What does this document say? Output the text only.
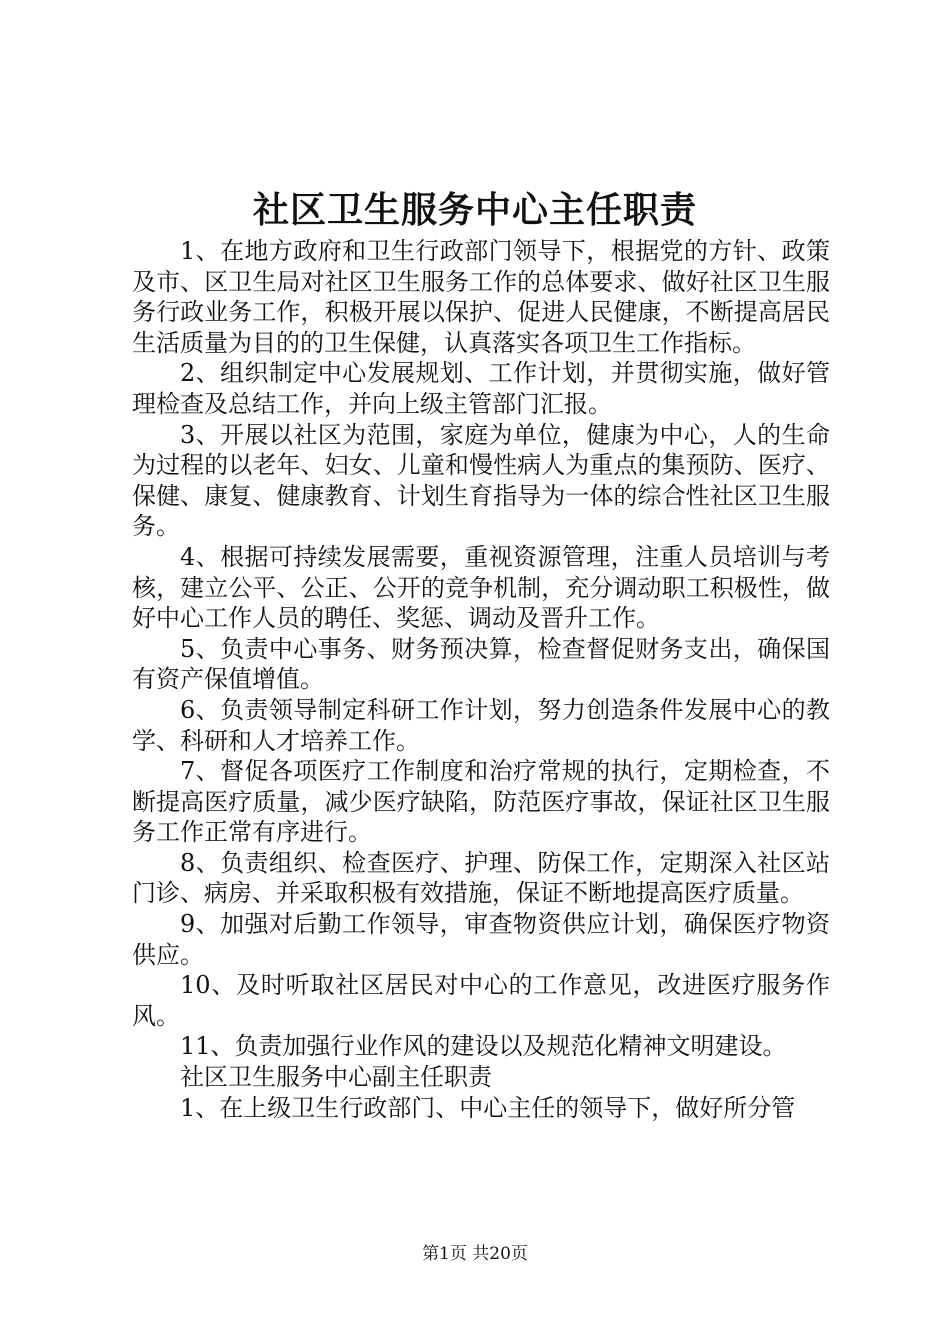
社区卫生服务中心主任职责

1、在地方政府和卫生行政部门领导下，根据党的方针、政策及市、区卫生局对社区卫生服务工作的总体要求、做好社区卫生服务行政业务工作，积极开展以保护、促进人民健康，不断提高居民生活质量为目的的卫生保健，认真落实各项卫生工作指标。

2、组织制定中心发展规划、工作计划，并贯彻实施，做好管理检查及总结工作，并向上级主管部门汇报。

3、开展以社区为范围，家庭为单位，健康为中心，人的生命为过程的以老年、妇女、儿童和慢性病人为重点的集预防、医疗、保健、康复、健康教育、计划生育指导为一体的综合性社区卫生服务。

4、根据可持续发展需要，重视资源管理，注重人员培训与考核，建立公平、公正、公开的竞争机制，充分调动职工积极性，做好中心工作人员的聘任、奖惩、调动及晋升工作。

5、负责中心事务、财务预决算，检查督促财务支出，确保国有资产保值增值。

6、负责领导制定科研工作计划，努力创造条件发展中心的教学、科研和人才培养工作。

7、督促各项医疗工作制度和治疗常规的执行，定期检查，不断提高医疗质量，减少医疗缺陷，防范医疗事故，保证社区卫生服务工作正常有序进行。

8、负责组织、检查医疗、护理、防保工作，定期深入社区站门诊、病房、并采取积极有效措施，保证不断地提高医疗质量。

9、加强对后勤工作领导，审查物资供应计划，确保医疗物资供应。

10、及时听取社区居民对中心的工作意见，改进医疗服务作风。

11、负责加强行业作风的建设以及规范化精神文明建设。

社区卫生服务中心副主任职责

1、在上级卫生行政部门、中心主任的领导下，做好所分管

第1页 共20页
